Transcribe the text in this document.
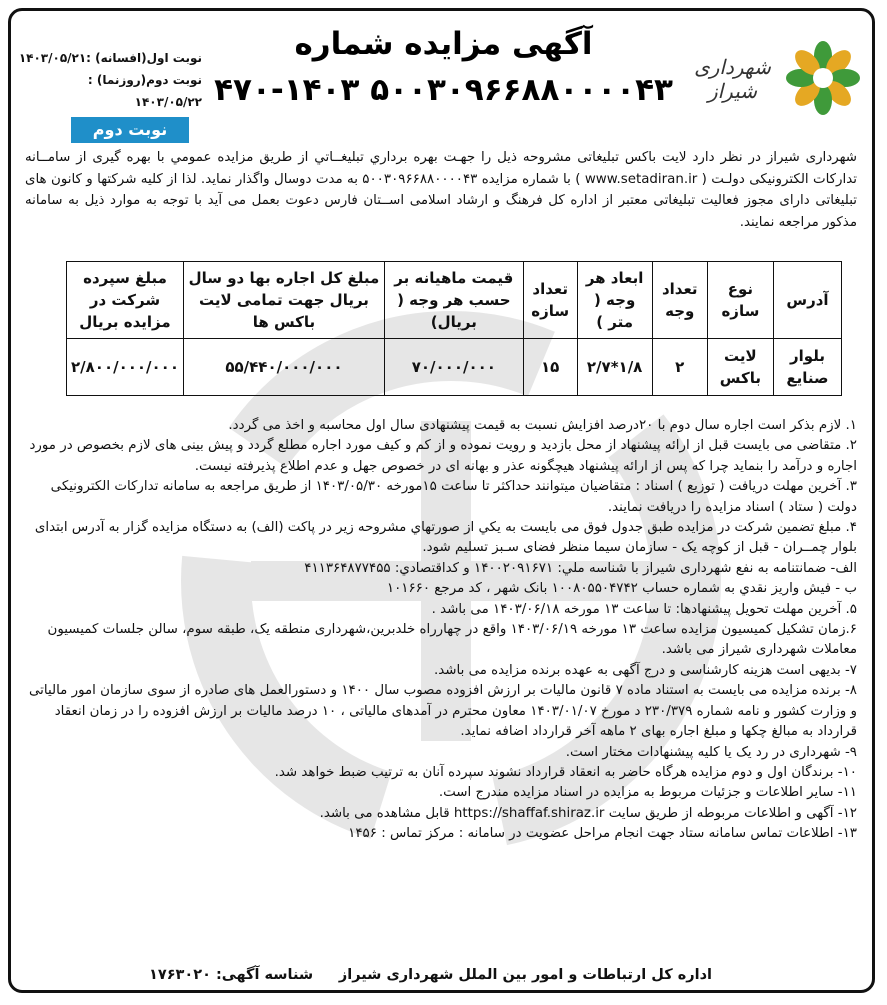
شهرداری شیراز
آگهی مزایده شماره ۵۰۰۳۰۹۶۶۸۸۰۰۰۰۴۳ ۱۴۰۳-۴۷۰
نوبت اول(افسانه) :۱۴۰۳/۰۵/۲۱
نوبت دوم(روزنما) : ۱۴۰۳/۰۵/۲۲
نوبت دوم
شهرداری شیراز در نظر دارد لایت باکس تبلیغاتی مشروحه ذیل را جهـت بهره برداري تبليغــاتي از طريق مزايده عمومي با بهره گيری از سامــانه تدارکات الکترونیکی دولـت ( www.setadiran.ir ) با شماره مزایده ۵۰۰۳۰۹۶۶۸۸۰۰۰۰۴۳ به مدت دوسال واگذار نماید. لذا از کلیه شرکتها و کانون های تبلیغاتی دارای مجوز فعالیت تبلیغاتی معتبر از اداره کل فرهنگ و ارشاد اسلامی اســتان فارس دعوت بعمل می آید با توجه به موارد ذیل به سامانه مذکور مراجعه نمایند.
آدرس	نوع سازه	تعداد وجه	ابعاد هر وجه ( متر )	تعداد سازه	قیمت ماهیانه بر حسب هر وجه ( بریال)	مبلغ کل اجاره بها دو سال بریال جهت تمامی لایت باکس ها	مبلغ سپرده شرکت در مزایده بریال
بلوار صنایع	لایت باکس	۲	۱/۸*۲/۷	۱۵	۷۰/۰۰۰/۰۰۰	۵۵/۴۴۰/۰۰۰/۰۰۰	۲/۸۰۰/۰۰۰/۰۰۰

۱. لازم بذکر است اجاره سال دوم با ۲۰درصد افزایش نسبت به قیمت پیشنهادی سال اول محاسبه و اخذ می گردد.

۲. متقاضی می بایست قبل از ارائه پیشنهاد از محل بازدید و رویت نموده و از کم و کیف مورد اجاره مطلع گردد و پیش بینی های لازم بخصوص در مورد اجاره و درآمد را بنماید چرا که پس از ارائه پیشنهاد هیچگونه عذر و بهانه ای در خصوص جهل و عدم اطلاع پذیرفته نیست.

۳. آخرین مهلت دریافت ( توزیع ) اسناد : متقاضیان میتوانند حداکثر تا ساعت ۱۵مورخه ۱۴۰۳/۰۵/۳۰ از طریق مراجعه به سامانه تدارکات الکترونیکی دولت ( ستاد ) اسناد مزایده را دریافت نمایند.

۴. مبلغ تضمین شرکت در مزایده طبق جدول فوق می بایست به يكي از صورتهاي مشروحه زير در پاكت (الف) به دستگاه مزایده گزار به آدرس ابتدای بلوار چمــران - قبل از کوچه یک - سازمان سیما منظر فضای سـبز تسلیم شود.

الف- ضمانتنامه به نفع شهرداری شیراز با شناسه ملي: ۱۴۰۰۲۰۹۱۶۷۱ و کداقتصادي: ۴۱۱۳۶۴۸۷۷۴۵۵

ب - فيش واريز نقدي به شماره حساب ۱۰۰۸۰۵۵۰۴۷۴۲ بانک شهر ، کد مرجع ۱۰۱۶۶۰

۵. آخرین مهلت تحویل پیشنهادها: تا ساعت ۱۳ مورخه ۱۴۰۳/۰۶/۱۸ می باشد .

۶.زمان تشکیل کمیسیون مزایده ساعت ۱۳ مورخه ۱۴۰۳/۰۶/۱۹ واقع در چهارراه خلدبرین،شهرداری منطقه یک، طبقه سوم، سالن جلسات کمیسیون معاملات شهرداری شیراز می باشد.

۷- بدیهی است هزینه کارشناسی و درج آگهی به عهده برنده مزایده می باشد.

۸- برنده مزایده می بایست به استناد ماده ۷ قانون مالیات بر ارزش افزوده مصوب سال ۱۴۰۰ و دستورالعمل های صادره از سوی سازمان امور مالیاتی و وزارت کشور و نامه شماره ۲۳۰/۳۷۹ د مورخ ۱۴۰۳/۰۱/۰۷ معاون محترم در آمدهای مالیاتی ، ۱۰ درصد مالیات بر ارزش افزوده را در زمان انعقاد قرارداد به مبالغ چکها و مبلغ اجاره بهای ۲ ماهه آخر قرارداد اضافه نماید.

۹- شهرداری در رد یک یا کلیه پیشنهادات مختار است.

۱۰- برندگان اول و دوم مزایده هرگاه حاضر به انعقاد قرارداد نشوند سپرده آنان به ترتیب ضبط خواهد شد.

۱۱- سایر اطلاعات و جزئیات مربوط به مزایده در اسناد مزایده مندرج است.

۱۲- آگهی و اطلاعات مربوطه از طریق سایت https://shaffaf.shiraz.ir قابل مشاهده می باشد.

۱۳- اطلاعات تماس سامانه ستاد جهت انجام مراحل عضویت در سامانه : مرکز تماس : ۱۴۵۶

اداره کل ارتباطات و امور بین الملل شهرداری شیراز
شناسه آگهی: ۱۷۶۳۰۲۰
